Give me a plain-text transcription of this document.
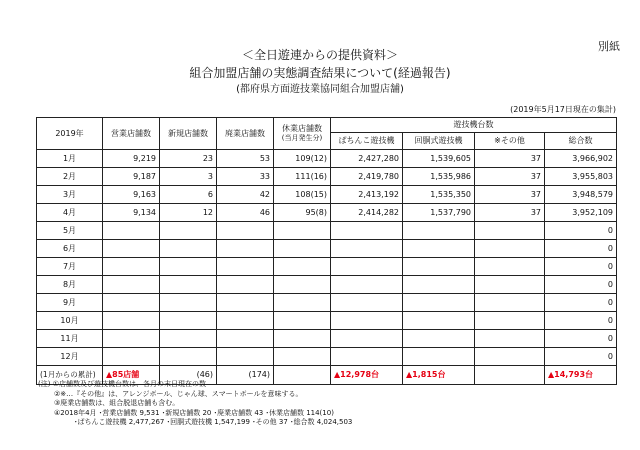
別紙
＜全日遊連からの提供資料＞
組合加盟店舗の実態調査結果について(経過報告)
(都府県方面遊技業協同組合加盟店舗)
(2019年5月17日現在の集計)
2019年	営業店舗数	新規店舗数	廃業店舗数	休業店舗数
(当月発生分)	遊技機台数			
					ぱちんこ遊技機	回胴式遊技機	※その他	総合数
1月	9,219	23	53	109(12)	2,427,280	1,539,605	37	3,966,902
2月	9,187	3	33	111(16)	2,419,780	1,535,986	37	3,955,803
3月	9,163	6	42	108(15)	2,413,192	1,535,350	37	3,948,579
4月	9,134	12	46	95(8)	2,414,282	1,537,790	37	3,952,109
5月								0
6月								0
7月								0
8月								0
9月								0
10月								0
11月								0
12月								0
(1月からの累計)	▲85店舗	(46)	(174)		▲12,978台	▲1,815台		▲14,793台
(注) ①店舗数及び遊技機台数は、各月の末日現在の数
②※…『その他』は、アレンジボール、じゃん球、スマートボールを意味する。
③廃業店舗数は、組合脱退店舗も含む。
④2018年4月 ･営業店舗数 9,531 ･新規店舗数 20 ･廃業店舗数 43 ･休業店舗数 114(10)
･ぱちんこ遊技機 2,477,267 ･回胴式遊技機 1,547,199 ･その他 37 ･総合数 4,024,503
